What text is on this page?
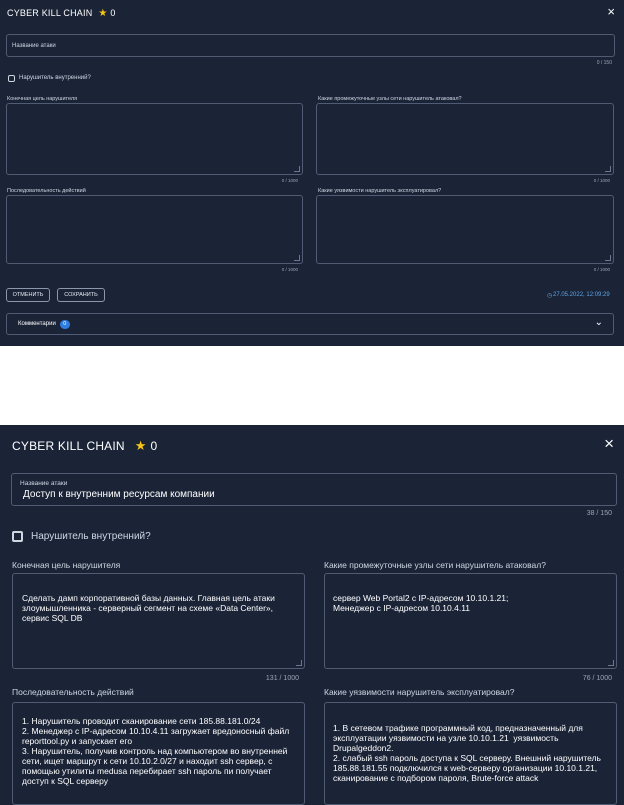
CYBER KILL CHAIN ★ 0	×
Название атаки
0 / 150
Нарушитель внутренний?
Конечная цель нарушителя
0 / 1000
Какие промежуточные узлы сети нарушитель атаковал?
0 / 1000
Последовательность действий
0 / 1000
Какие уязвимости нарушитель эксплуатировал?
0 / 1000
ОТМЕНИТЬ	СОХРАНИТЬ	◷ 27.05.2022, 12:09:29
Комментарии	0	⌄
CYBER KILL CHAIN ★ 0	×
Название атаки
Доступ к внутренним ресурсам компании
38 / 150
Нарушитель внутренний?
Конечная цель нарушителя
Сделать дамп корпоративной базы данных. Главная цель атаки злоумышленника - серверный сегмент на схеме «Data Center», сервис SQL DB
131 / 1000
Какие промежуточные узлы сети нарушитель атаковал?
сервер Web Portal2 с IP-адресом 10.10.1.21;
Менеджер с IP-адресом 10.10.4.11
76 / 1000
Последовательность действий
1. Нарушитель проводит сканирование сети 185.88.181.0/24
2. Менеджер с IP-адресом 10.10.4.11 загружает вредоносный файл reporttool.py и запускает его
3. Нарушитель, получив контроль над компьютером во внутренней сети, ищет маршрут к сети 10.10.2.0/27 и находит ssh сервер, с помощью утилиты medusa перебирает ssh пароль пи получает доступ к SQL серверу
Какие уязвимости нарушитель эксплуатировал?
1. В сетевом трафике программный код, предназначенный для эксплуатации уязвимости на узле 10.10.1.21  уязвимость Drupalgeddon2.
2. слабый ssh пароль доступа к SQL серверу. Внешний нарушитель 185.88.181.55 подключился к web-серверу организации 10.10.1.21, сканирование с подбором пароля, Brute-force attack
